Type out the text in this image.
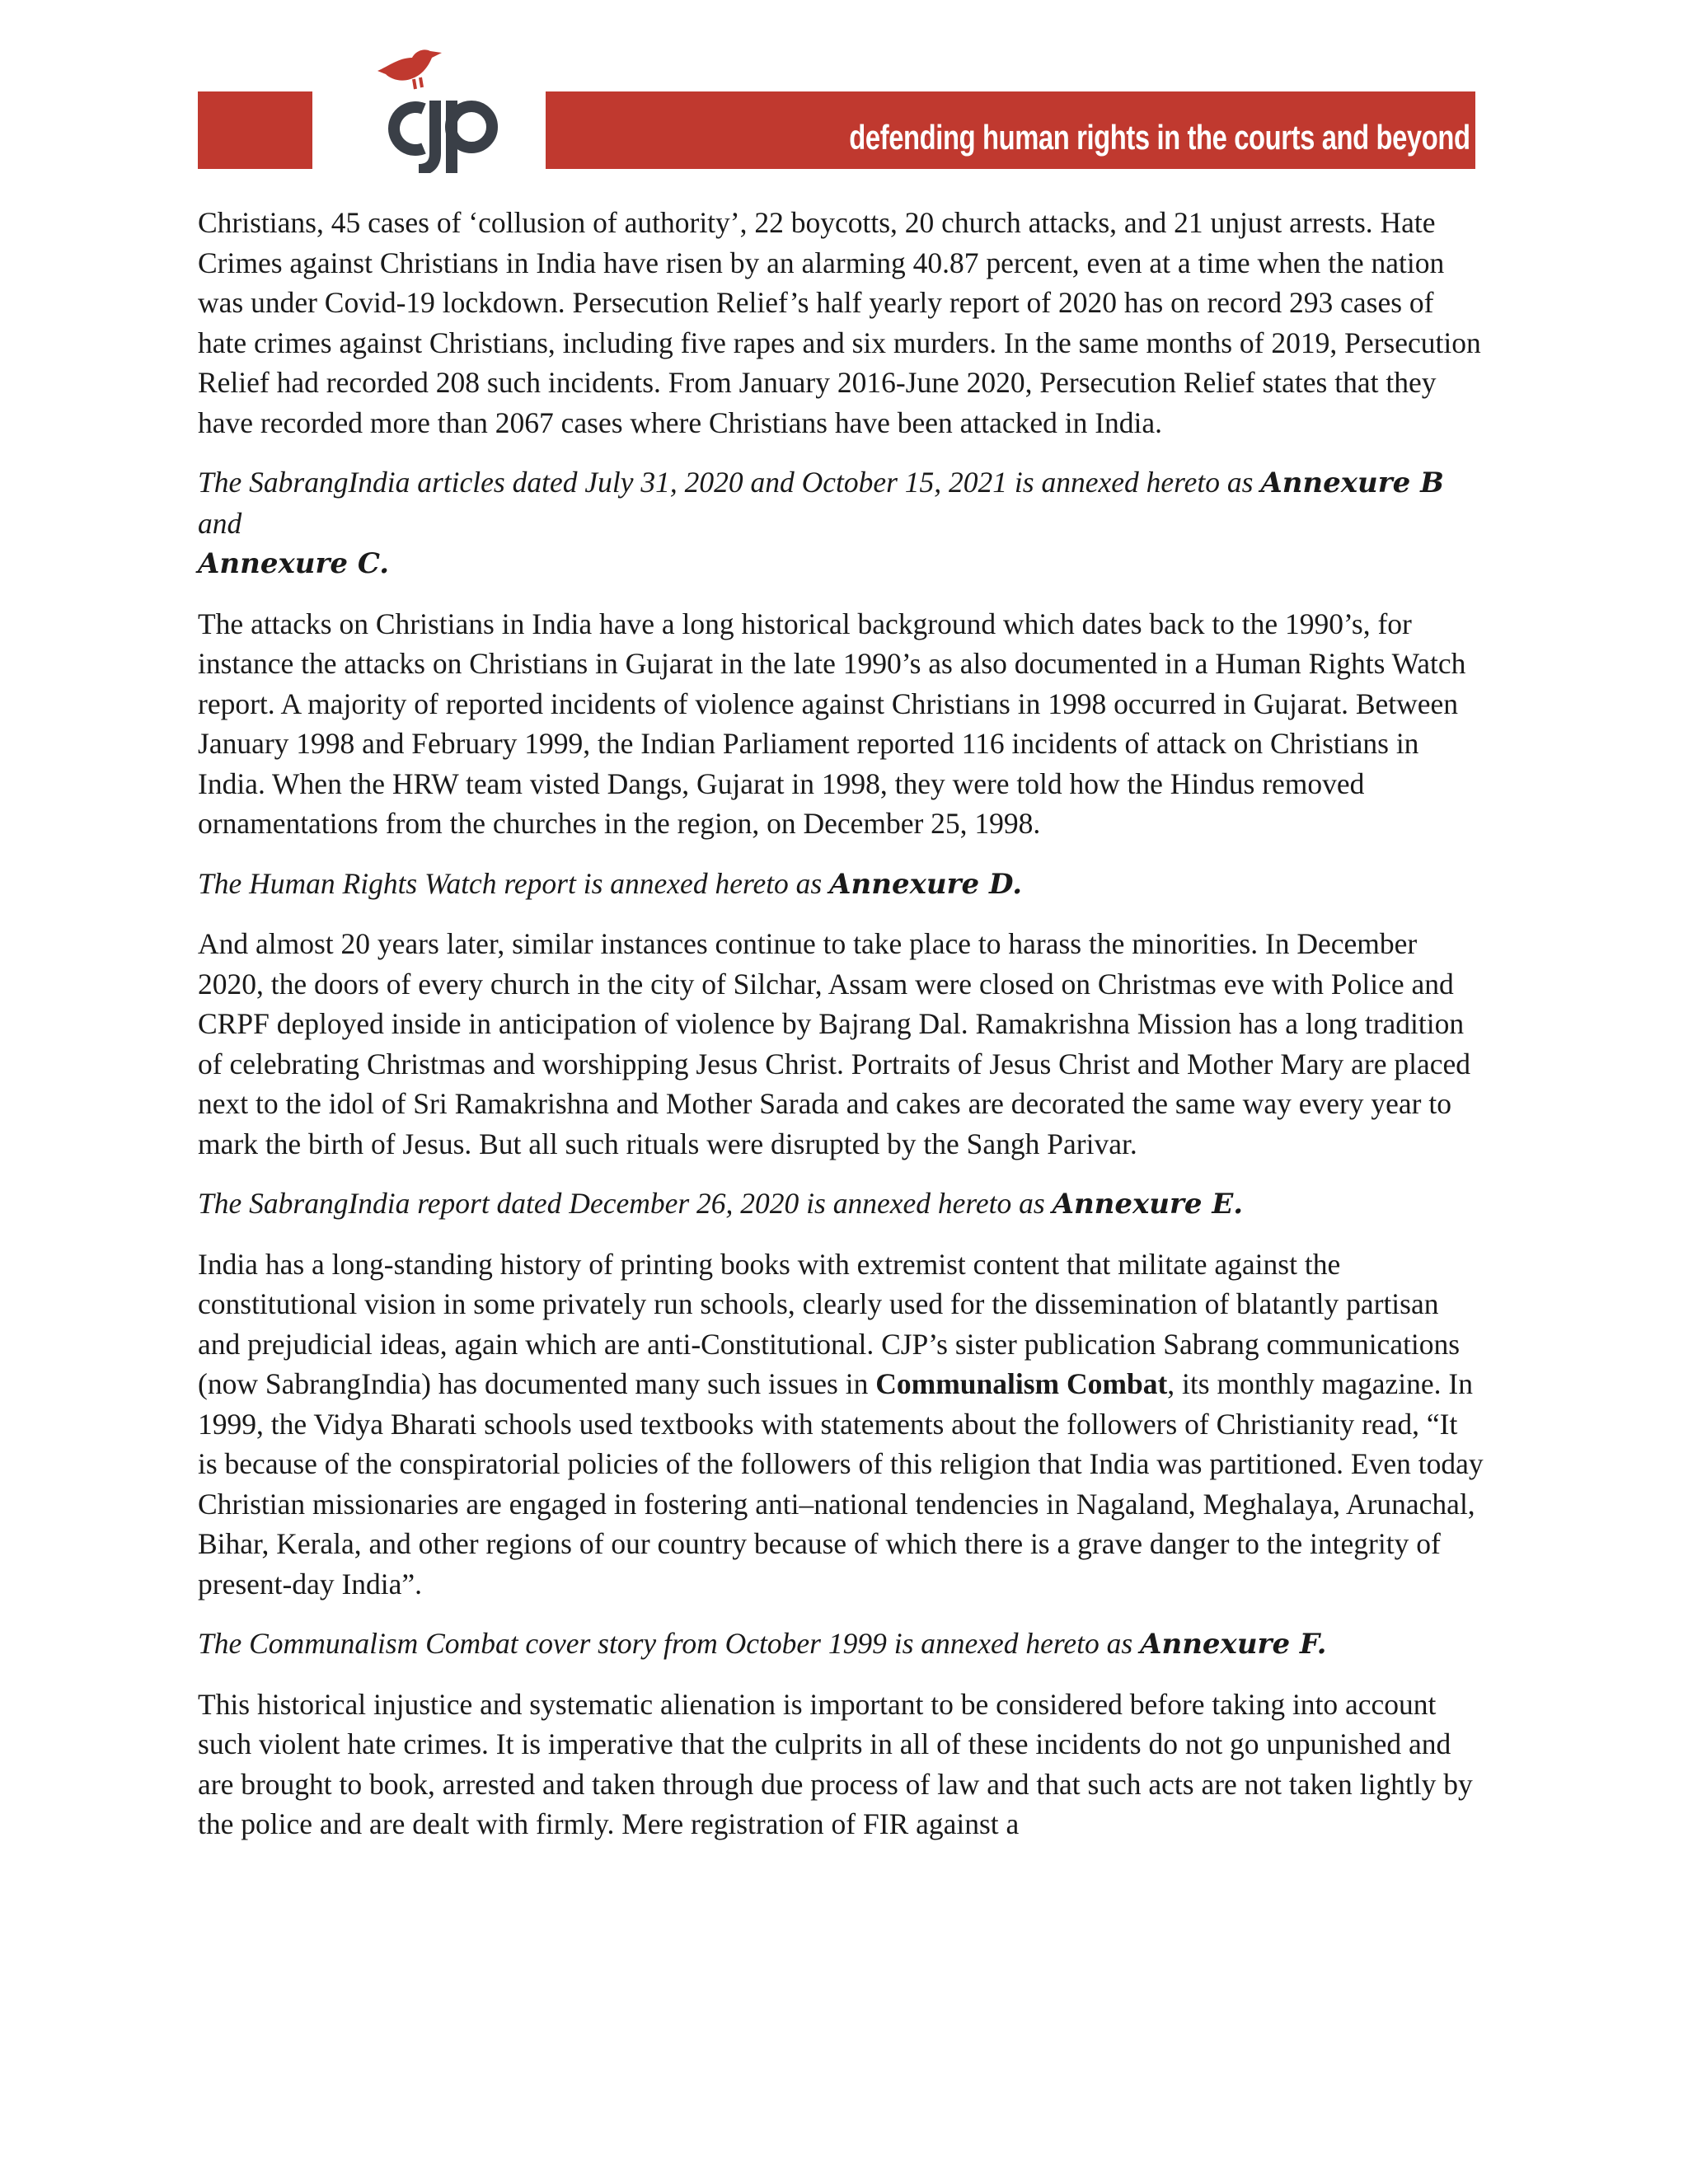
defending human rights in the courts and beyond

Christians, 45 cases of ‘collusion of authority’, 22 boycotts, 20 church attacks, and 21 unjust arrests. Hate Crimes against Christians in India have risen by an alarming 40.87 percent, even at a time when the nation was under Covid-19 lockdown. Persecution Relief’s half yearly report of 2020 has on record 293 cases of hate crimes against Christians, including five rapes and six murders. In the same months of 2019, Persecution Relief had recorded 208 such incidents. From January 2016-June 2020, Persecution Relief states that they have recorded more than 2067 cases where Christians have been attacked in India.

The SabrangIndia articles dated July 31, 2020 and October 15, 2021 is annexed hereto as Annexure B and
Annexure C.

The attacks on Christians in India have a long historical background which dates back to the 1990’s, for instance the attacks on Christians in Gujarat in the late 1990’s as also documented in a Human Rights Watch report. A majority of reported incidents of violence against Christians in 1998 occurred in Gujarat. Between January 1998 and February 1999, the Indian Parliament reported 116 incidents of attack on Christians in India. When the HRW team visted Dangs, Gujarat in 1998, they were told how the Hindus removed ornamentations from the churches in the region, on December 25, 1998.

The Human Rights Watch report is annexed hereto as Annexure D.

And almost 20 years later, similar instances continue to take place to harass the minorities. In December 2020, the doors of every church in the city of Silchar, Assam were closed on Christmas eve with Police and CRPF deployed inside in anticipation of violence by Bajrang Dal. Ramakrishna Mission has a long tradition of celebrating Christmas and worshipping Jesus Christ. Portraits of Jesus Christ and Mother Mary are placed next to the idol of Sri Ramakrishna and Mother Sarada and cakes are decorated the same way every year to mark the birth of Jesus. But all such rituals were disrupted by the Sangh Parivar.

The SabrangIndia report dated December 26, 2020 is annexed hereto as Annexure E.

India has a long-standing history of printing books with extremist content that militate against the constitutional vision in some privately run schools, clearly used for the dissemination of blatantly partisan and prejudicial ideas, again which are anti-Constitutional. CJP’s sister publication Sabrang communications (now SabrangIndia) has documented many such issues in Communalism Combat, its monthly magazine. In 1999, the Vidya Bharati schools used textbooks with statements about the followers of Christianity read, “It is because of the conspiratorial policies of the followers of this religion that India was partitioned. Even today Christian missionaries are engaged in fostering anti–national tendencies in Nagaland, Meghalaya, Arunachal, Bihar, Kerala, and other regions of our country because of which there is a grave danger to the integrity of present-day India”.

The Communalism Combat cover story from October 1999 is annexed hereto as Annexure F.

This historical injustice and systematic alienation is important to be considered before taking into account such violent hate crimes. It is imperative that the culprits in all of these incidents do not go unpunished and are brought to book, arrested and taken through due process of law and that such acts are not taken lightly by the police and are dealt with firmly. Mere registration of FIR against a
